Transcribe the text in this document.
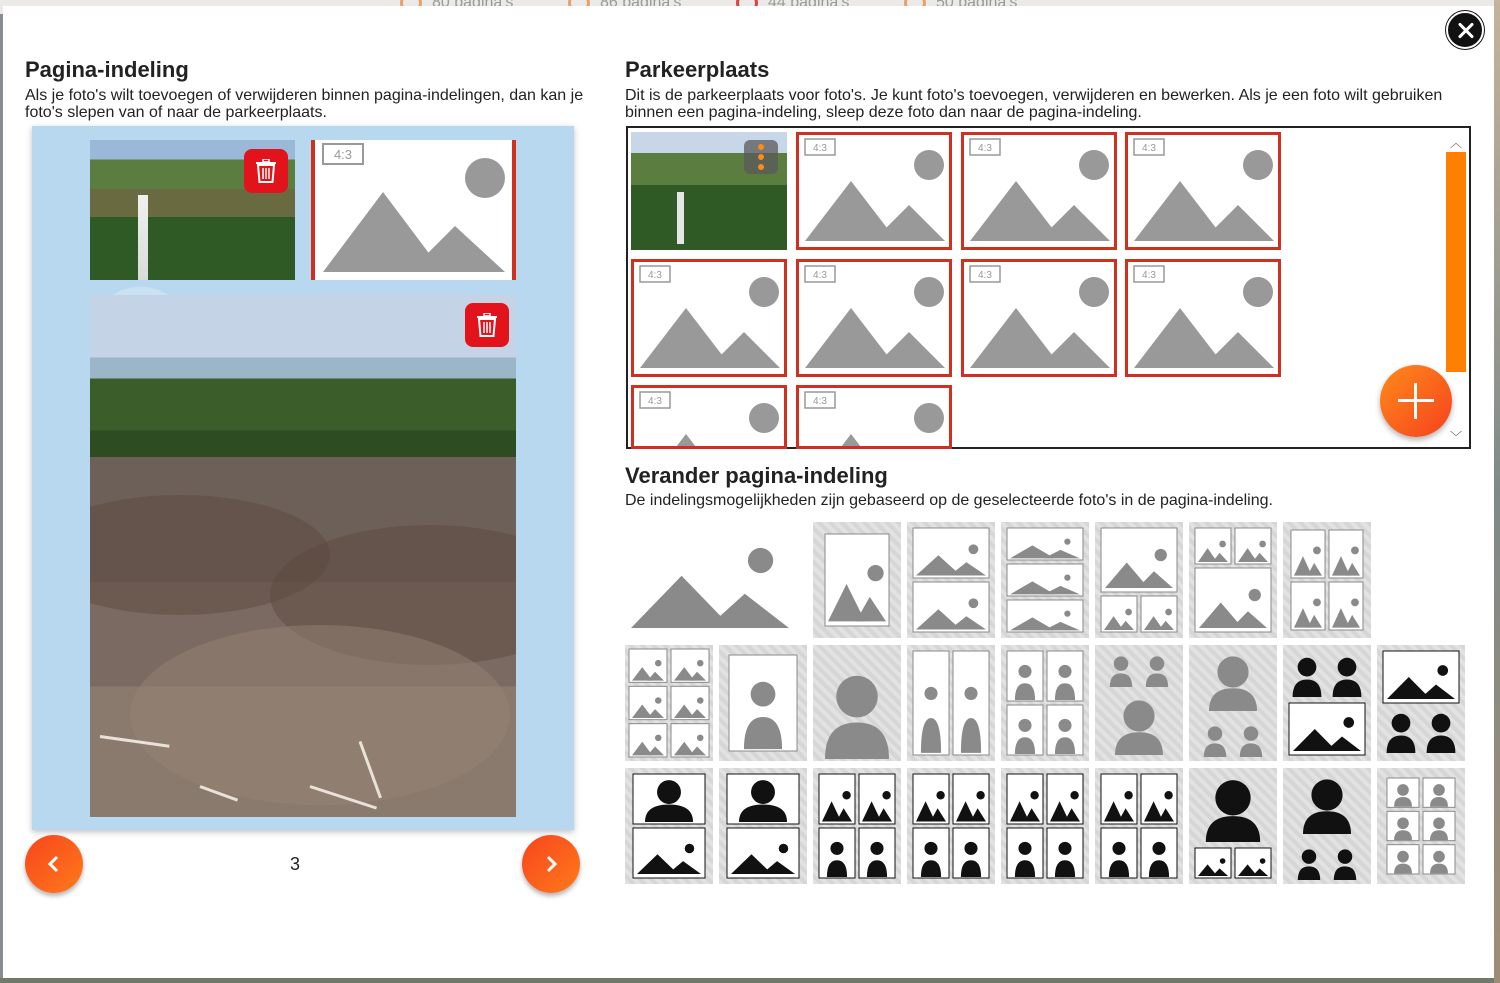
Pagina-indeling
Als je foto's wilt toevoegen of verwijderen binnen pagina-indelingen, dan kan je foto's slepen van of naar de parkeerplaats.
4:3
3
Parkeerplaats
Dit is de parkeerplaats voor foto's. Je kunt foto's toevoegen, verwijderen en bewerken. Als je een foto wilt gebruiken binnen een pagina-indeling, sleep deze foto dan naar de pagina-indeling.
4:3	4:3	4:3
4:3	4:3	4:3	4:3
4:3	4:3
︿
﹀
Verander pagina-indeling
De indelingsmogelijkheden zijn gebaseerd op de geselecteerde foto's in de pagina-indeling.
